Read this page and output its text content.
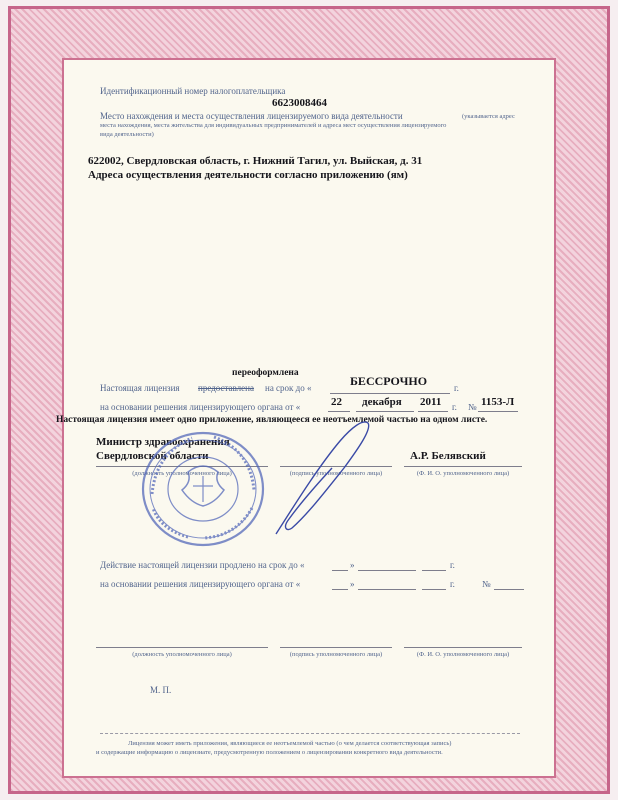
Идентификационный номер налогоплательщика
6623008464
Место нахождения и места осуществления лицензируемого вида деятельности	(указывается адрес
места нахождения, места жительства для индивидуальных предпринимателей и адреса мест осуществления лицензируемого
вида деятельности)
622002, Свердловская область, г. Нижний Тагил, ул. Выйская, д. 31
Адреса осуществления деятельности согласно приложению (ям)
переоформлена
Настоящая лицензия предоставлена на срок до «	БЕССРОЧНО	г.
на основании решения лицензирующего органа от «	22 декабря 2011 г. № 1153-Л
Настоящая лицензия имеет одно приложение, являющееся ее неотъемлемой частью на одном листе.
Министр здравоохранения
Свердловской области	А.Р. Белявский
(должность уполномоченного лица)	(подпись уполномоченного лица)	(Ф. И. О. уполномоченного лица)
Действие настоящей лицензии продлено на срок до «	»	г.
на основании решения лицензирующего органа от «	»	г.	№
(должность уполномоченного лица)	(подпись уполномоченного лица)	(Ф. И. О. уполномоченного лица)
М. П.
Лицензия может иметь приложения, являющиеся ее неотъемлемой частью (о чем делается соответствующая запись)
и содержащие информацию о лицензиате, предусмотренную положением о лицензировании конкретного вида деятельности.
